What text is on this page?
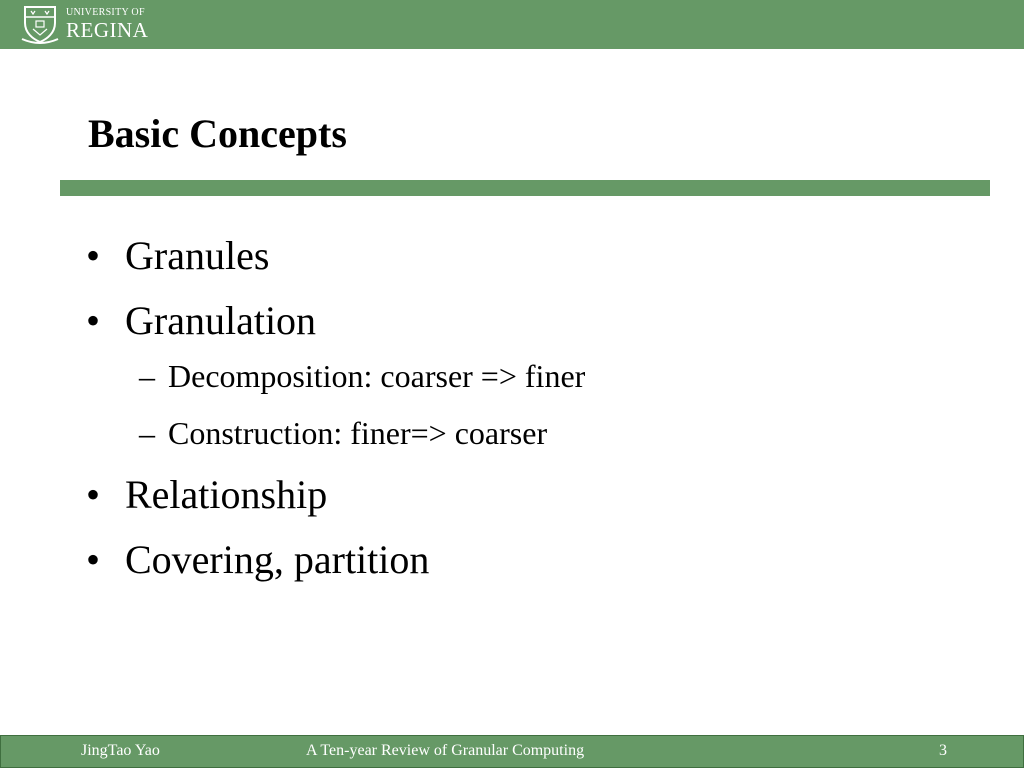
UNIVERSITY OF
REGINA
Basic Concepts
• Granules
• Granulation
– Decomposition: coarser => finer
– Construction: finer=> coarser
• Relationship
• Covering, partition
JingTao Yao	A Ten-year Review of Granular Computing	3
